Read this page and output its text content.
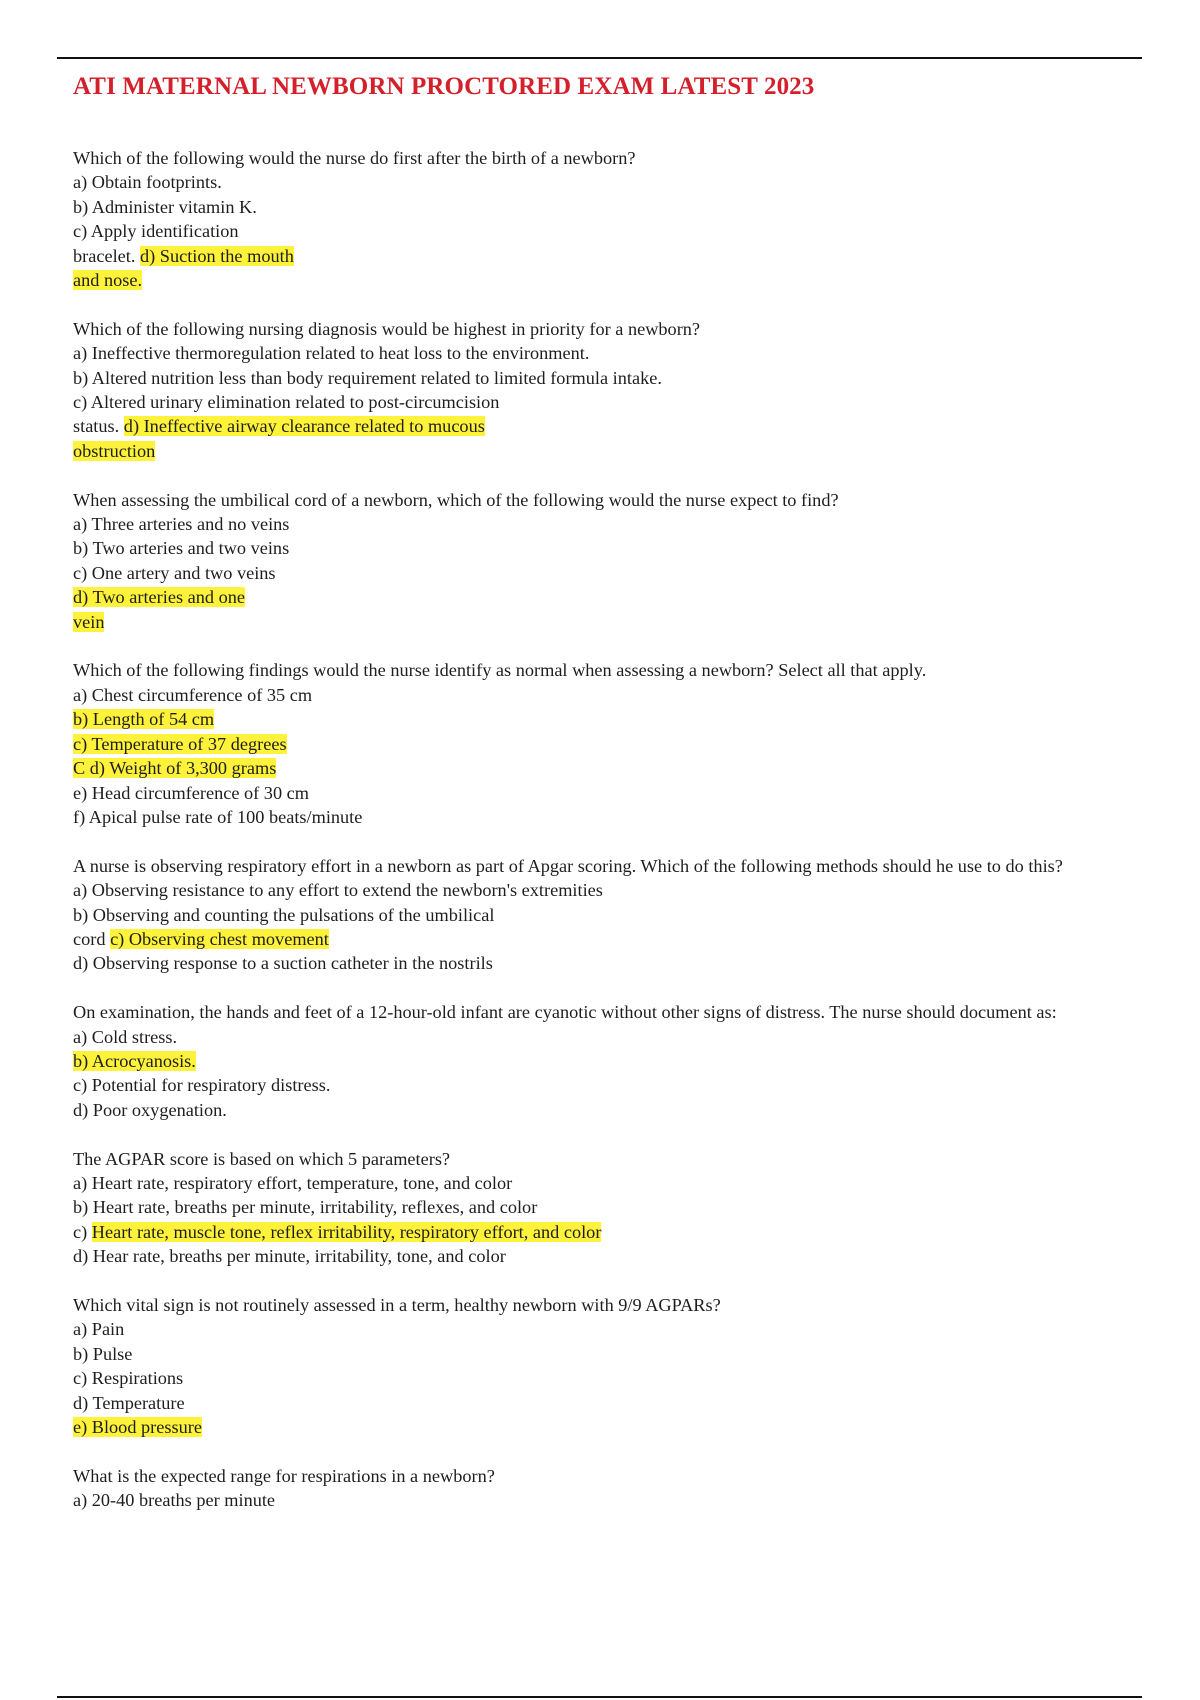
ATI MATERNAL NEWBORN PROCTORED EXAM LATEST 2023
Which of the following would the nurse do first after the birth of a newborn?
a) Obtain footprints.
b) Administer vitamin K.
c) Apply identification
bracelet. d) Suction the mouth
and nose.
Which of the following nursing diagnosis would be highest in priority for a newborn?
a) Ineffective thermoregulation related to heat loss to the environment.
b) Altered nutrition less than body requirement related to limited formula intake.
c) Altered urinary elimination related to post-circumcision
status. d) Ineffective airway clearance related to mucous
obstruction
When assessing the umbilical cord of a newborn, which of the following would the nurse expect to find?
a) Three arteries and no veins
b) Two arteries and two veins
c) One artery and two veins
d) Two arteries and one
vein
Which of the following findings would the nurse identify as normal when assessing a newborn? Select all that apply.
a) Chest circumference of 35 cm
b) Length of 54 cm
c) Temperature of 37 degrees
C d) Weight of 3,300 grams
e) Head circumference of 30 cm
f) Apical pulse rate of 100 beats/minute
A nurse is observing respiratory effort in a newborn as part of Apgar scoring. Which of the following methods should he use to do this?
a) Observing resistance to any effort to extend the newborn's extremities
b) Observing and counting the pulsations of the umbilical
cord c) Observing chest movement
d) Observing response to a suction catheter in the nostrils
On examination, the hands and feet of a 12-hour-old infant are cyanotic without other signs of distress. The nurse should document as:
a) Cold stress.
b) Acrocyanosis.
c) Potential for respiratory distress.
d) Poor oxygenation.
The AGPAR score is based on which 5 parameters?
a) Heart rate, respiratory effort, temperature, tone, and color
b) Heart rate, breaths per minute, irritability, reflexes, and color
c) Heart rate, muscle tone, reflex irritability, respiratory effort, and color
d) Hear rate, breaths per minute, irritability, tone, and color
Which vital sign is not routinely assessed in a term, healthy newborn with 9/9 AGPARs?
a) Pain
b) Pulse
c) Respirations
d) Temperature
e) Blood pressure
What is the expected range for respirations in a newborn?
a) 20-40 breaths per minute
